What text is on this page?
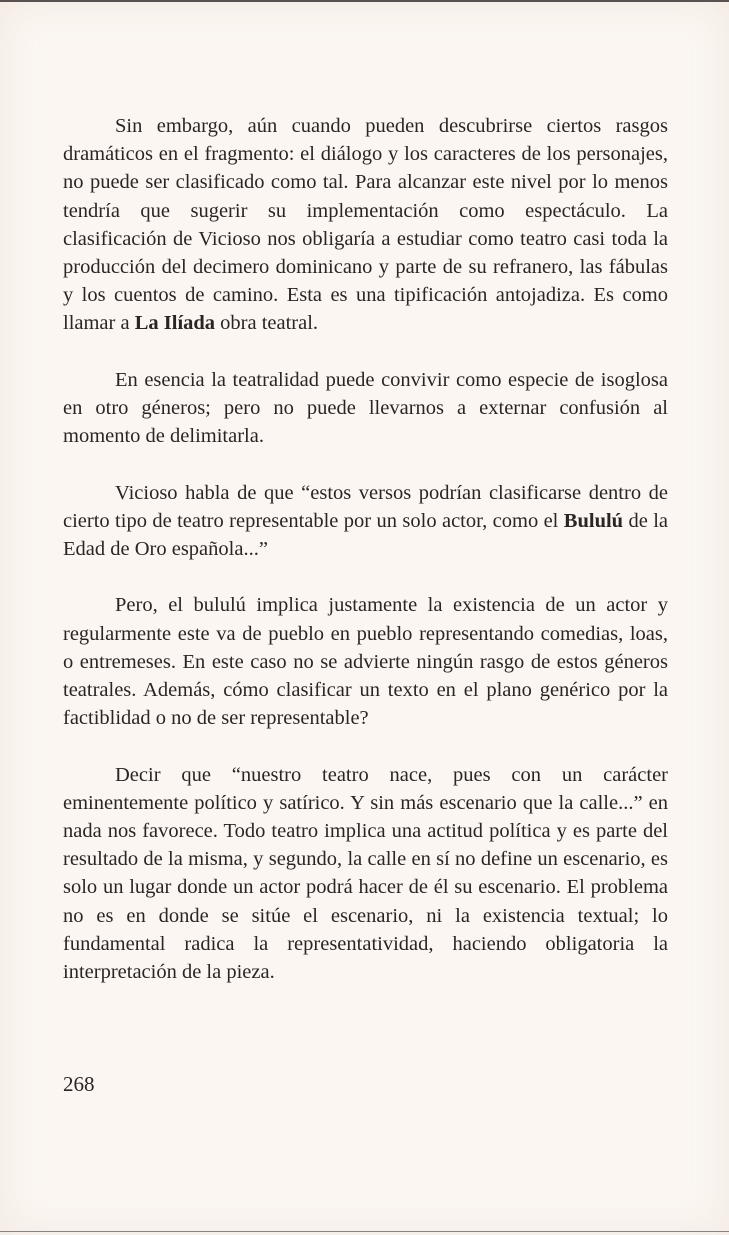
Sin embargo, aún cuando pueden descubrirse ciertos rasgos dramáticos en el fragmento: el diálogo y los caracteres de los personajes, no puede ser clasificado como tal. Para alcanzar este nivel por lo menos tendría que sugerir su implementación como espectáculo. La clasificación de Vicioso nos obligaría a estudiar como teatro casi toda la producción del decimero dominicano y parte de su refranero, las fábulas y los cuentos de camino. Esta es una tipificación antojadiza. Es como llamar a La Ilíada obra teatral.

En esencia la teatralidad puede convivir como especie de isoglosa en otro géneros; pero no puede llevarnos a externar confusión al momento de delimitarla.

Vicioso habla de que “estos versos podrían clasificarse dentro de cierto tipo de teatro representable por un solo actor, como el Bululú de la Edad de Oro española...”

Pero, el bululú implica justamente la existencia de un actor y regularmente este va de pueblo en pueblo representando comedias, loas, o entremeses. En este caso no se advierte ningún rasgo de estos géneros teatrales. Además, cómo clasificar un texto en el plano genérico por la factiblidad o no de ser representable?

Decir que “nuestro teatro nace, pues con un carácter eminentemente político y satírico. Y sin más escenario que la calle...” en nada nos favorece. Todo teatro implica una actitud política y es parte del resultado de la misma, y segundo, la calle en sí no define un escenario, es solo un lugar donde un actor podrá hacer de él su escenario. El problema no es en donde se sitúe el escenario, ni la existencia textual; lo fundamental radica la representatividad, haciendo obligatoria la interpretación de la pieza.

268
